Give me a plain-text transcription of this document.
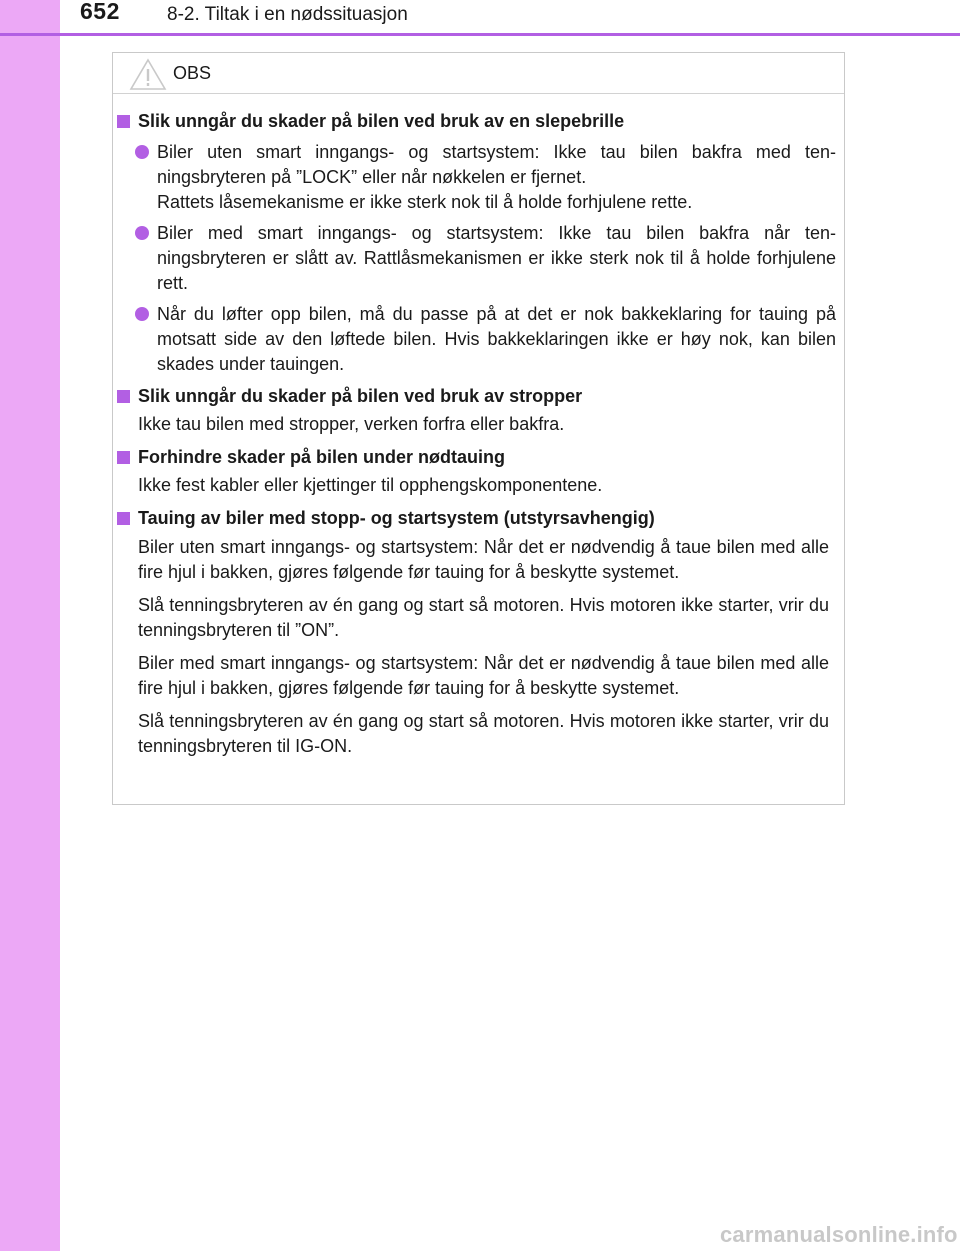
652 8-2. Tiltak i en nødssituasjon
OBS
Slik unngår du skader på bilen ved bruk av en slepebrille
Biler uten smart inngangs- og startsystem: Ikke tau bilen bakfra med ten-ningsbryteren på ”LOCK” eller når nøkkelen er fjernet.
Rattets låsemekanisme er ikke sterk nok til å holde forhjulene rette.
Biler med smart inngangs- og startsystem: Ikke tau bilen bakfra når ten-ningsbryteren er slått av. Rattlåsmekanismen er ikke sterk nok til å holde forhjulene rett.
Når du løfter opp bilen, må du passe på at det er nok bakkeklaring for tauing på motsatt side av den løftede bilen. Hvis bakkeklaringen ikke er høy nok, kan bilen skades under tauingen.
Slik unngår du skader på bilen ved bruk av stropper
Ikke tau bilen med stropper, verken forfra eller bakfra.
Forhindre skader på bilen under nødtauing
Ikke fest kabler eller kjettinger til opphengskomponentene.
Tauing av biler med stopp- og startsystem (utstyrsavhengig)
Biler uten smart inngangs- og startsystem: Når det er nødvendig å taue bilen med alle fire hjul i bakken, gjøres følgende før tauing for å beskytte systemet.
Slå tenningsbryteren av én gang og start så motoren. Hvis motoren ikke starter, vrir du tenningsbryteren til ”ON”.
Biler med smart inngangs- og startsystem: Når det er nødvendig å taue bilen med alle fire hjul i bakken, gjøres følgende før tauing for å beskytte systemet.
Slå tenningsbryteren av én gang og start så motoren. Hvis motoren ikke starter, vrir du tenningsbryteren til IG-ON.
carmanualsonline.info
